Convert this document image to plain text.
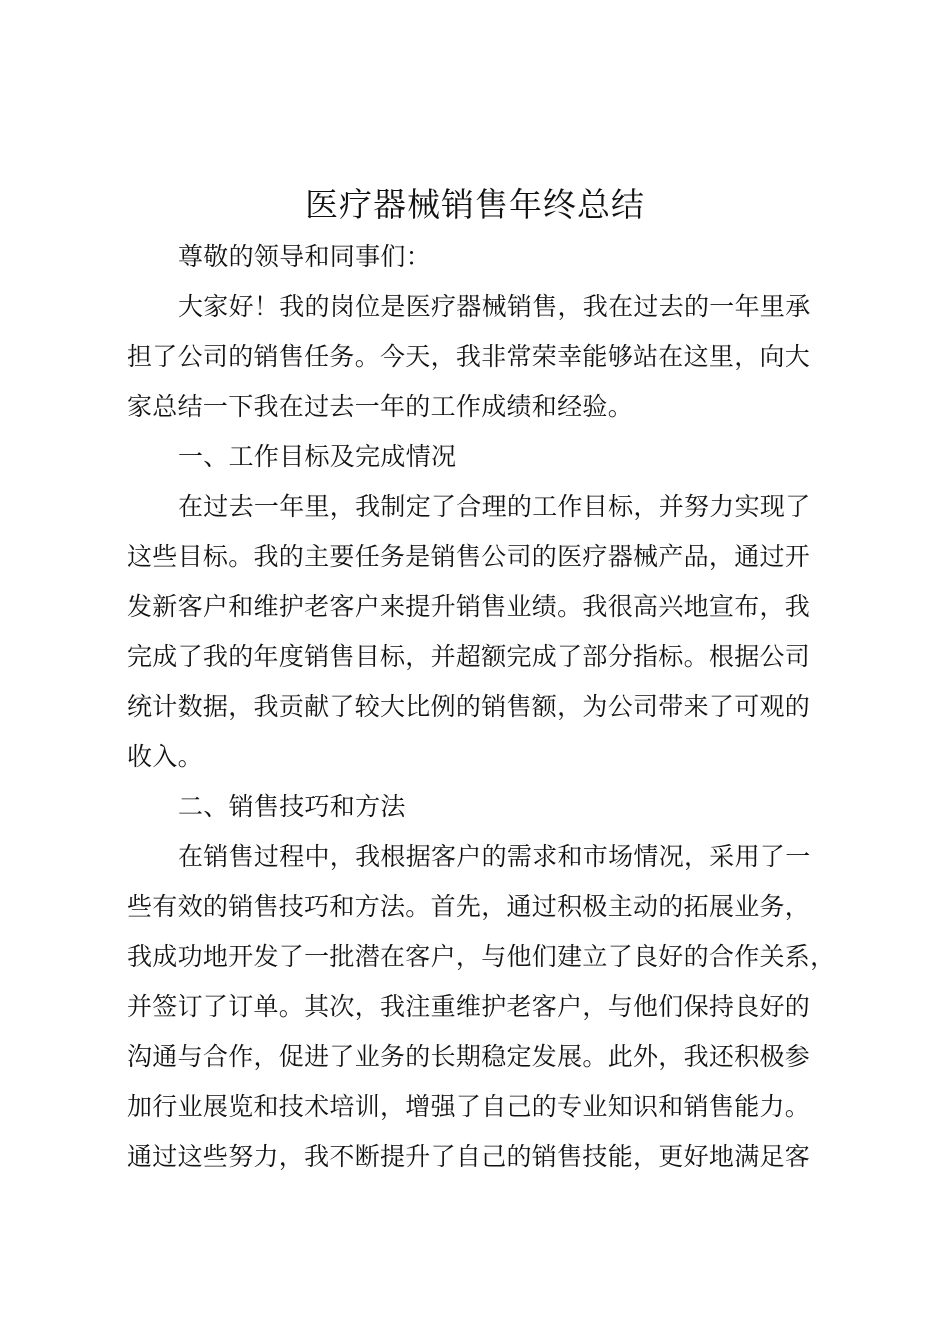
医疗器械销售年终总结
尊敬的领导和同事们：
大家好！我的岗位是医疗器械销售，我在过去的一年里承
担了公司的销售任务。今天，我非常荣幸能够站在这里，向大
家总结一下我在过去一年的工作成绩和经验。
一、工作目标及完成情况
在过去一年里，我制定了合理的工作目标，并努力实现了
这些目标。我的主要任务是销售公司的医疗器械产品，通过开
发新客户和维护老客户来提升销售业绩。我很高兴地宣布，我
完成了我的年度销售目标，并超额完成了部分指标。根据公司
统计数据，我贡献了较大比例的销售额，为公司带来了可观的
收入。
二、销售技巧和方法
在销售过程中，我根据客户的需求和市场情况，采用了一
些有效的销售技巧和方法。首先，通过积极主动的拓展业务，
我成功地开发了一批潜在客户，与他们建立了良好的合作关系，
并签订了订单。其次，我注重维护老客户，与他们保持良好的
沟通与合作，促进了业务的长期稳定发展。此外，我还积极参
加行业展览和技术培训，增强了自己的专业知识和销售能力。
通过这些努力，我不断提升了自己的销售技能，更好地满足客
